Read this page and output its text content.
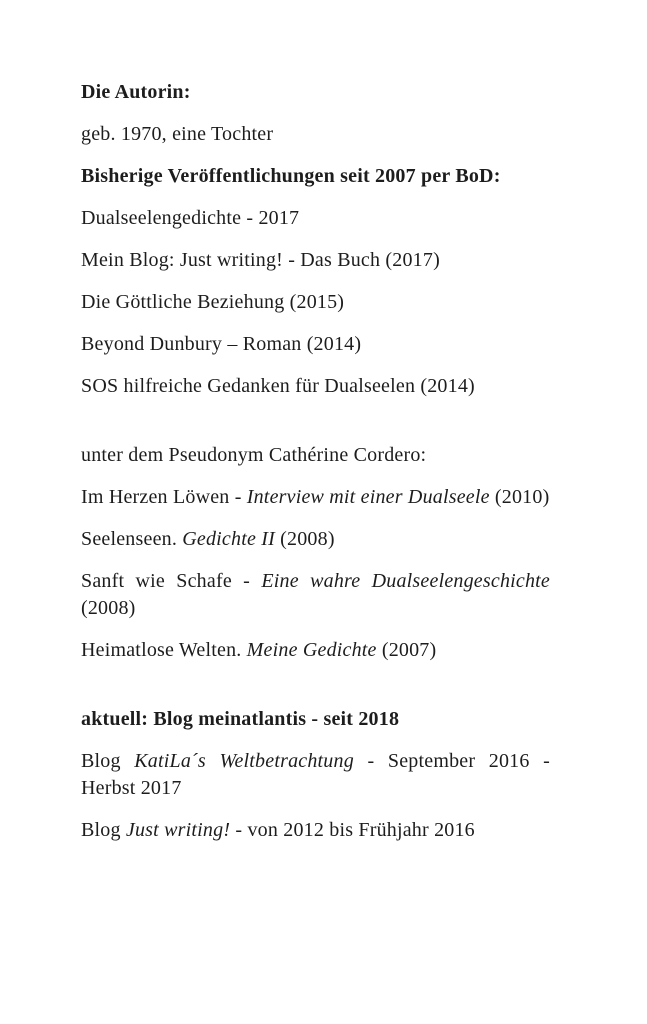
Die Autorin:

geb. 1970, eine Tochter

Bisherige Veröffentlichungen seit 2007 per BoD:

Dualseelengedichte - 2017

Mein Blog: Just writing! - Das Buch (2017)

Die Göttliche Beziehung (2015)

Beyond Dunbury – Roman (2014)

SOS hilfreiche Gedanken für Dualseelen (2014)

unter dem Pseudonym Cathérine Cordero:

Im Herzen Löwen - Interview mit einer Dualseele (2010)

Seelenseen. Gedichte II (2008)

Sanft wie Schafe - Eine wahre Dualseelengeschichte (2008)

Heimatlose Welten. Meine Gedichte (2007)

aktuell: Blog meinatlantis - seit 2018

Blog KatiLa´s Weltbetrachtung - September 2016 - Herbst 2017

Blog Just writing! - von 2012 bis Frühjahr 2016
